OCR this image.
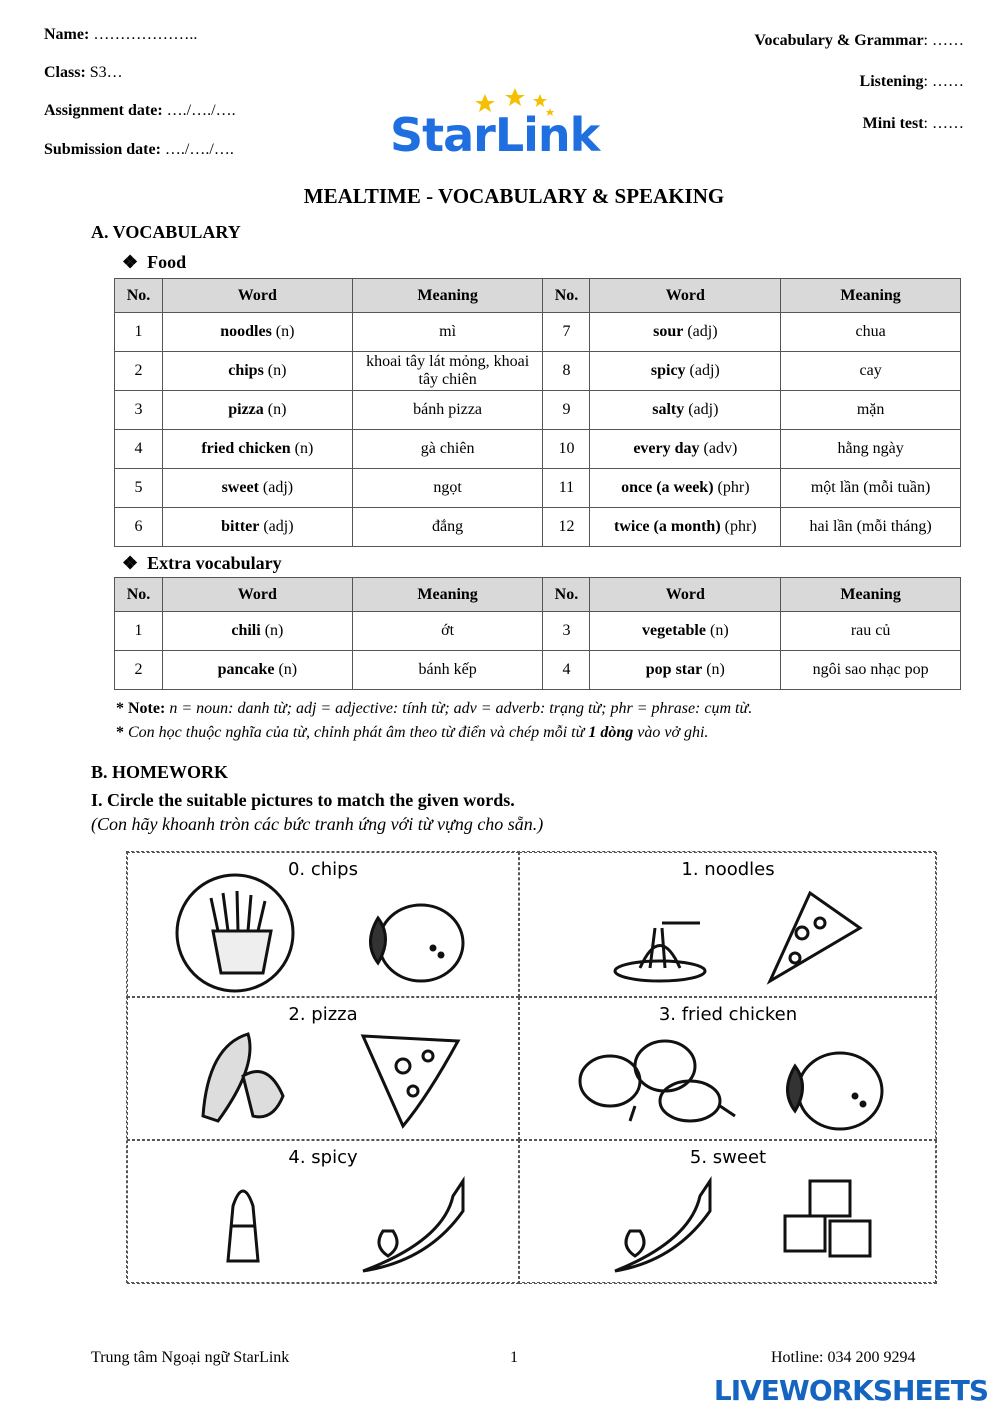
Name: ………………..
Class: S3…
Assignment date: …./…./….
Submission date: …./…./….
Vocabulary & Grammar: ……
Listening: ……
Mini test: ……
StarLink
MEALTIME - VOCABULARY & SPEAKING
A. VOCABULARY
❖  Food
No.	Word	Meaning	No.	Word	Meaning
1	noodles (n)	mì	7	sour (adj)	chua
2	chips (n)	khoai tây lát mỏng, khoai tây chiên	8	spicy (adj)	cay
3	pizza (n)	bánh pizza	9	salty (adj)	mặn
4	fried chicken (n)	gà chiên	10	every day (adv)	hằng ngày
5	sweet (adj)	ngọt	11	once (a week) (phr)	một lần (mỗi tuần)
6	bitter (adj)	đắng	12	twice (a month) (phr)	hai lần (mỗi tháng)
❖  Extra vocabulary
No.	Word	Meaning	No.	Word	Meaning
1	chili (n)	ớt	3	vegetable (n)	rau củ
2	pancake (n)	bánh kếp	4	pop star (n)	ngôi sao nhạc pop
* Note: n = noun: danh từ; adj = adjective: tính từ; adv = adverb: trạng từ; phr = phrase: cụm từ.
* Con học thuộc nghĩa của từ, chỉnh phát âm theo từ điển và chép mỗi từ 1 dòng vào vở ghi.
B. HOMEWORK
I. Circle the suitable pictures to match the given words.
(Con hãy khoanh tròn các bức tranh ứng với từ vựng cho sẵn.)
0. chips	1. noodles
2. pizza	3. fried chicken
4. spicy	5. sweet
Trung tâm Ngoại ngữ StarLink	1	Hotline: 034 200 9294
LIVEWORKSHEETS
